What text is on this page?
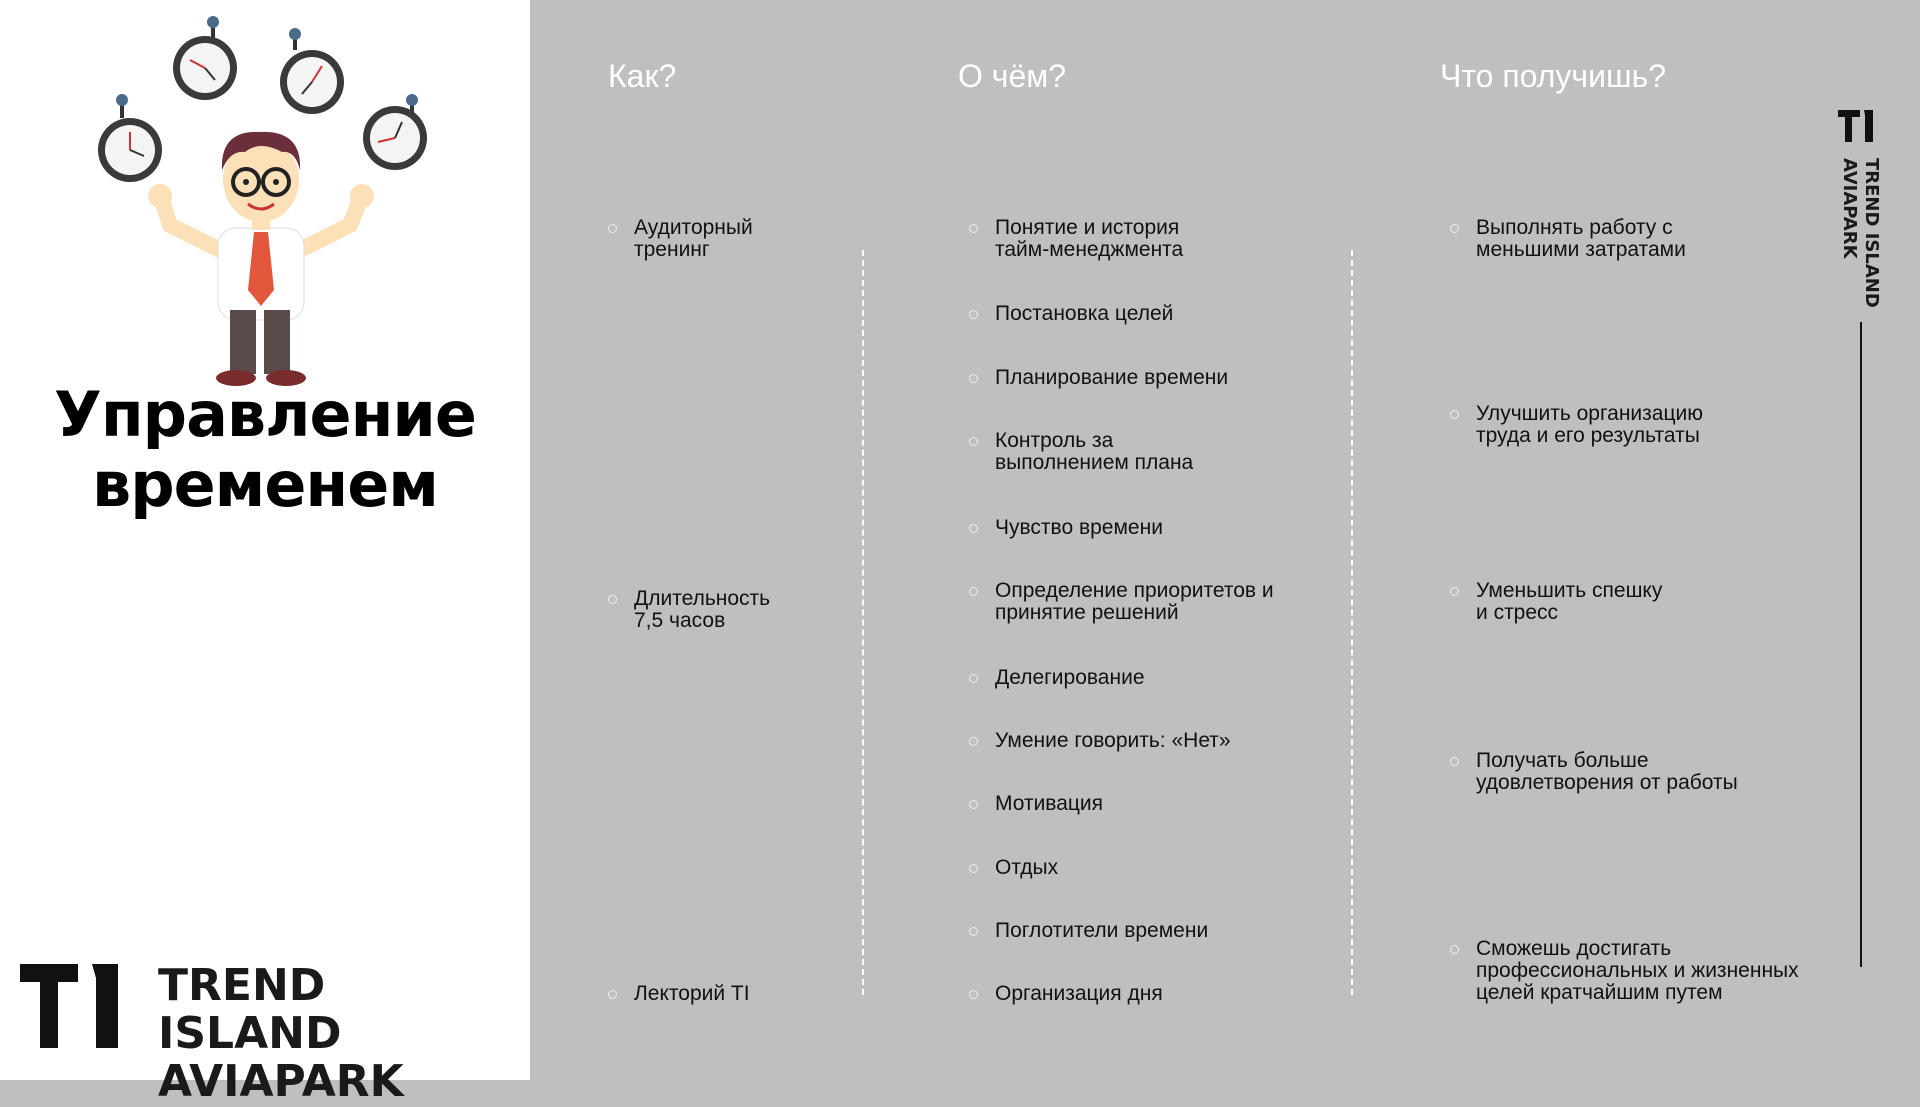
Управление
временем
TREND ISLAND
AVIAPARK
Как?	О чём?	Что получишь?
Аудиторный
тренинг
Длительность
7,5 часов
Лекторий TI
Понятие и история
тайм-менеджмента
Постановка целей
Планирование времени
Контроль за
выполнением плана
Чувство времени
Определение приоритетов и
принятие решений
Делегирование
Умение говорить: «Нет»
Мотивация
Отдых
Поглотители времени
Организация дня
Выполнять работу с
меньшими затратами
Улучшить организацию
труда и его результаты
Уменьшить спешку
и стресс
Получать больше
удовлетворения от работы
Сможешь достигать
профессиональных и жизненных
целей кратчайшим путем
TREND ISLAND
AVIAPARK
